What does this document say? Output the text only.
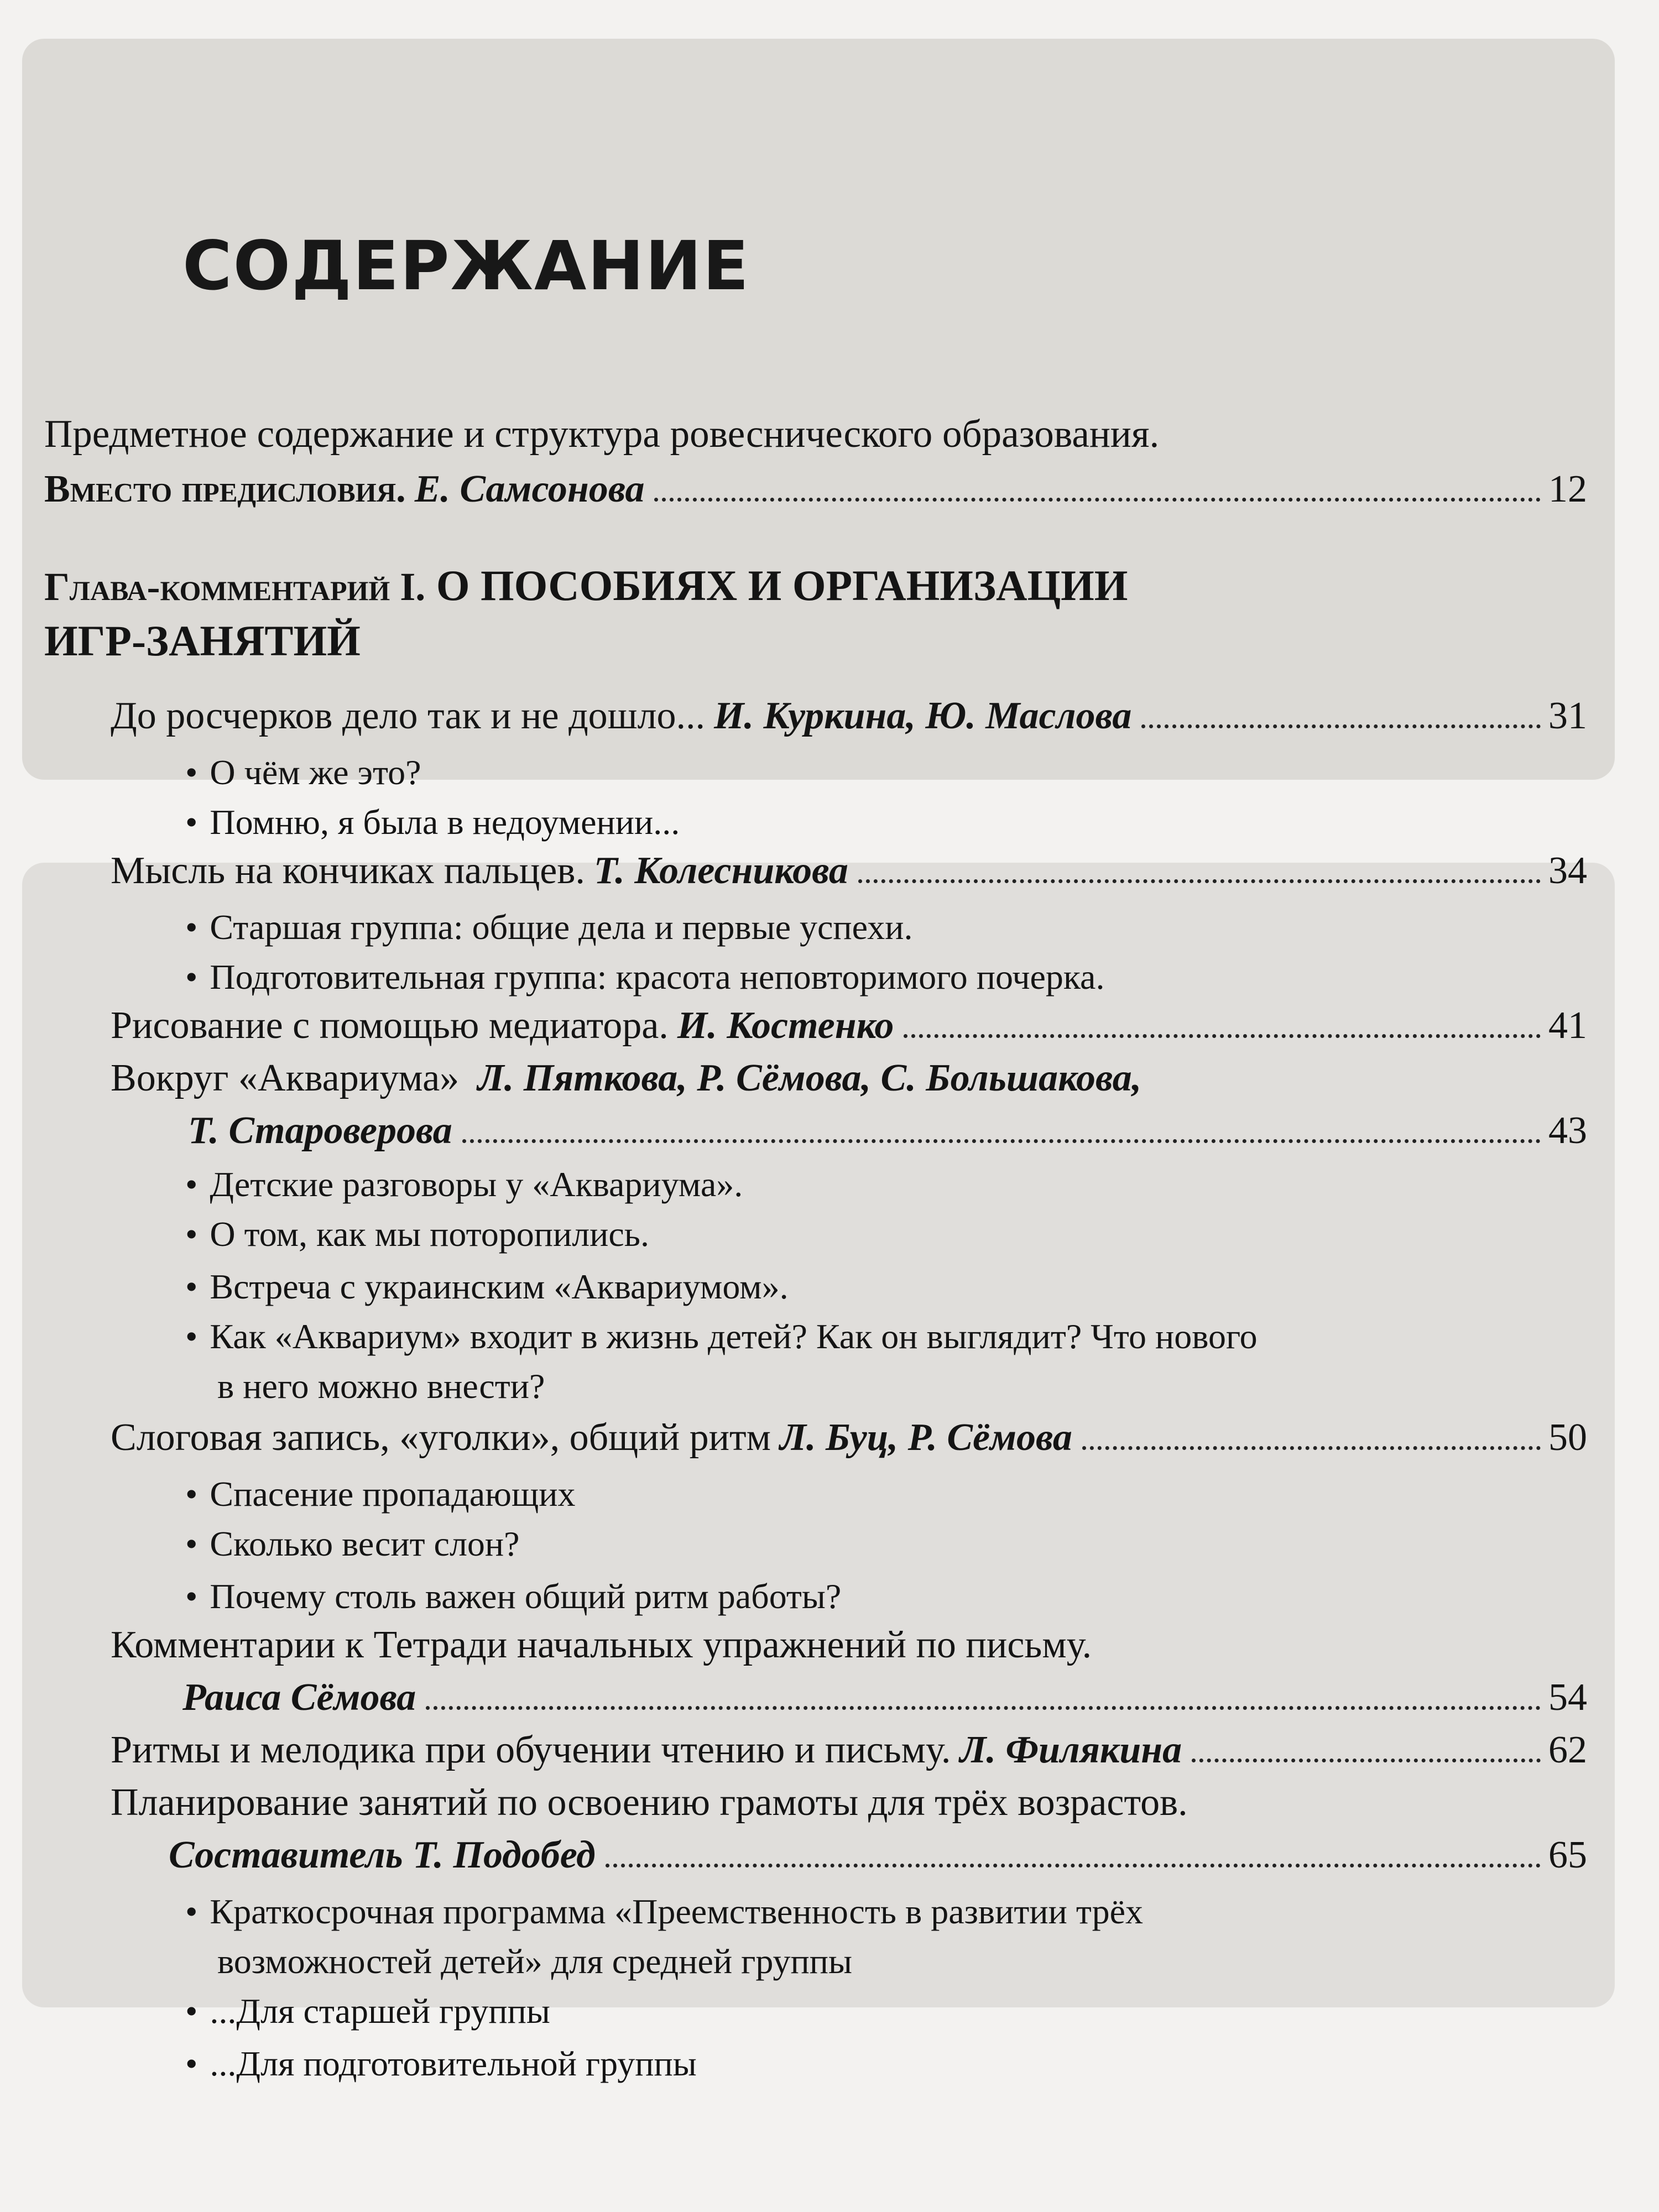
СОДЕРЖАНИЕ
Предметное содержание и структура ровеснического образования.
Вместо предисловия. Е. Самсонова	12
Глава-комментарий I. О ПОСОБИЯХ И ОРГАНИЗАЦИИ
ИГР-ЗАНЯТИЙ
До росчерков дело так и не дошло... И. Куркина, Ю. Маслова	31
• О чём же это?
• Помню, я была в недоумении...
Мысль на кончиках пальцев. Т. Колесникова	34
• Старшая группа: общие дела и первые успехи.
• Подготовительная группа: красота неповторимого почерка.
Рисование с помощью медиатора. И. Костенко	41
Вокруг «Аквариума» Л. Пяткова, Р. Сёмова, С. Большакова,
Т. Староверова	43
• Детские разговоры у «Аквариума».
• О том, как мы поторопились.
• Встреча с украинским «Аквариумом».
• Как «Аквариум» входит в жизнь детей? Как он выглядит? Что нового
в него можно внести?
Слоговая запись, «уголки», общий ритм Л. Буц, Р. Сёмова	50
• Спасение пропадающих
• Сколько весит слон?
• Почему столь важен общий ритм работы?
Комментарии к Тетради начальных упражнений по письму.
Раиса Сёмова	54
Ритмы и мелодика при обучении чтению и письму. Л. Филякина	62
Планирование занятий по освоению грамоты для трёх возрастов.
Составитель Т. Подобед	65
• Краткосрочная программа «Преемственность в развитии трёх
возможностей детей» для средней группы
• ...Для старшей группы
• ...Для подготовительной группы
